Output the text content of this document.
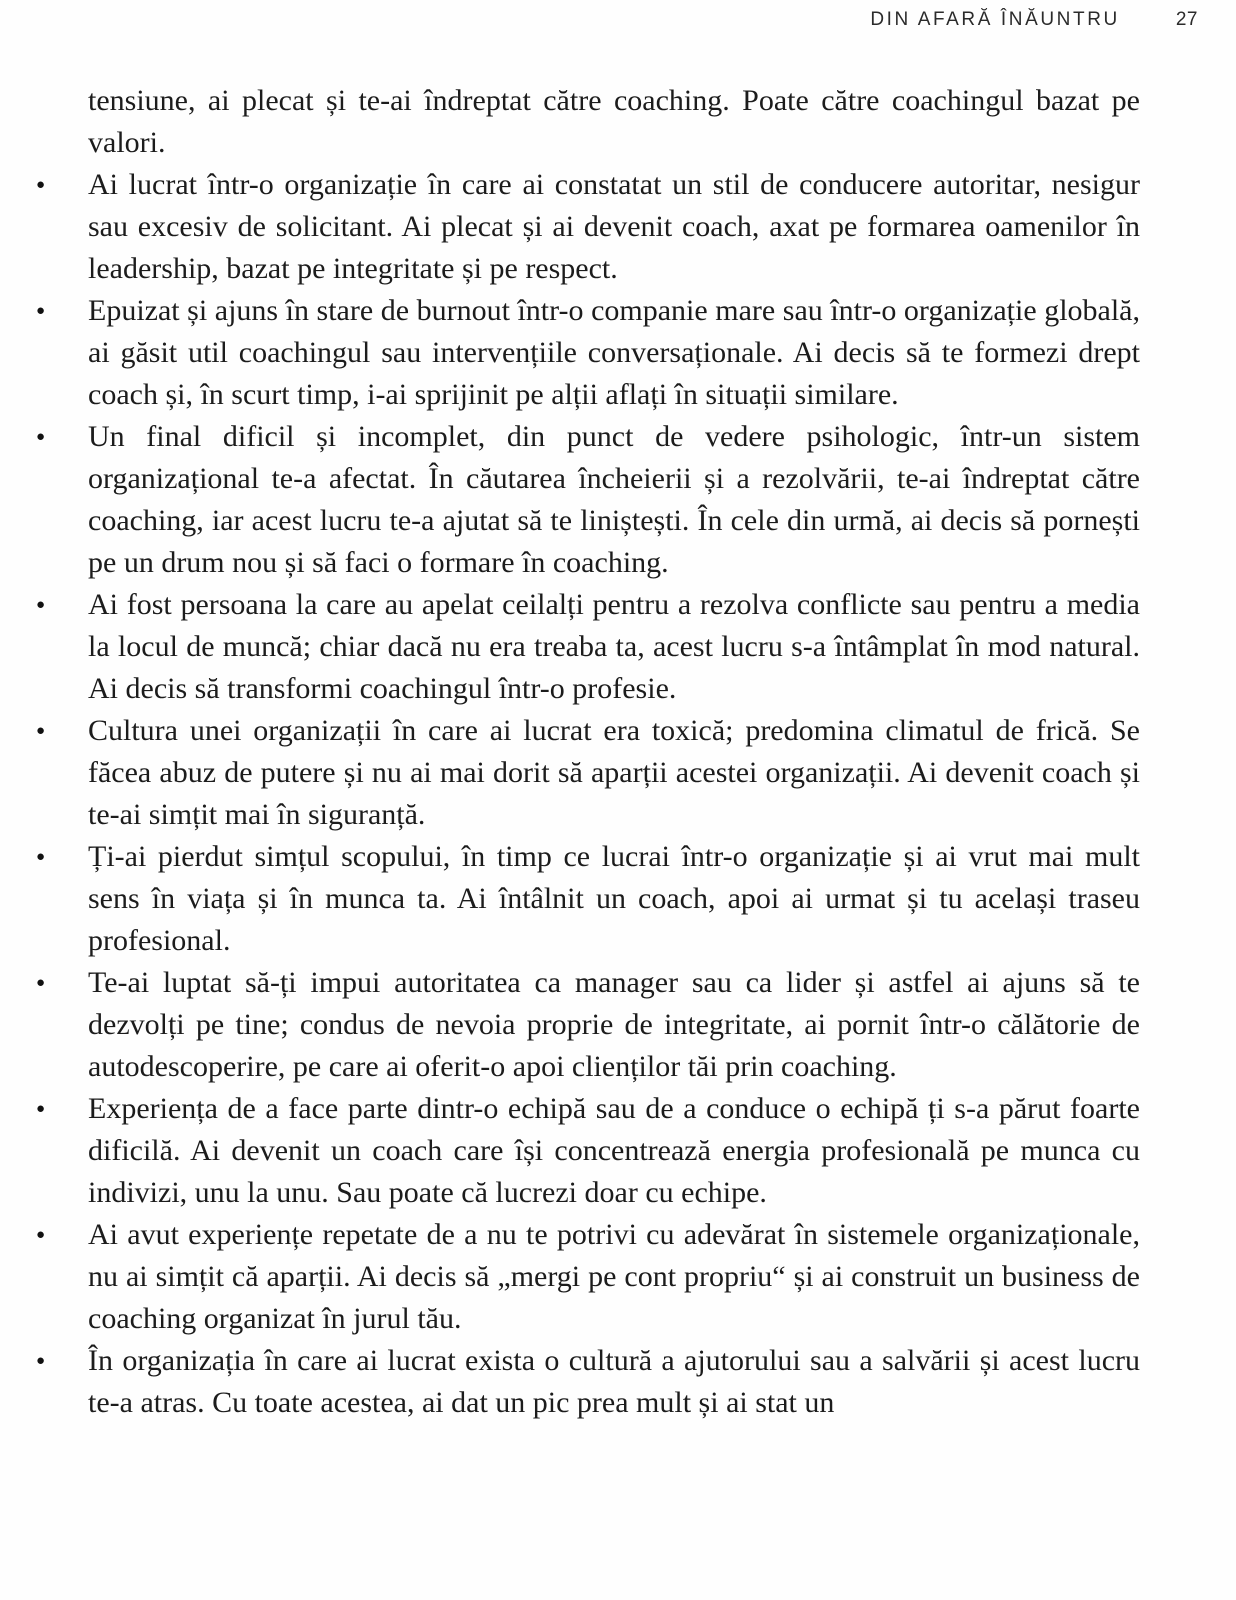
DIN AFARĂ ÎNĂUNTRU	27

tensiune, ai plecat și te-ai îndreptat către coaching. Poate către coachingul bazat pe valori.

● Ai lucrat într-o organizație în care ai constatat un stil de conducere autoritar, nesigur sau excesiv de solicitant. Ai plecat și ai devenit coach, axat pe formarea oamenilor în leadership, bazat pe integritate și pe respect.

● Epuizat și ajuns în stare de burnout într-o companie mare sau într-o organizație globală, ai găsit util coachingul sau intervențiile conversaționale. Ai decis să te formezi drept coach și, în scurt timp, i-ai sprijinit pe alții aflați în situații similare.

● Un final dificil și incomplet, din punct de vedere psihologic, într-un sistem organizațional te-a afectat. În căutarea încheierii și a rezolvării, te-ai îndreptat către coaching, iar acest lucru te-a ajutat să te liniștești. În cele din urmă, ai decis să pornești pe un drum nou și să faci o formare în coaching.

● Ai fost persoana la care au apelat ceilalți pentru a rezolva conflicte sau pentru a media la locul de muncă; chiar dacă nu era treaba ta, acest lucru s-a întâmplat în mod natural. Ai decis să transformi coachingul într-o profesie.

● Cultura unei organizații în care ai lucrat era toxică; predomina climatul de frică. Se făcea abuz de putere și nu ai mai dorit să aparții acestei organizații. Ai devenit coach și te-ai simțit mai în siguranță.

● Ți-ai pierdut simțul scopului, în timp ce lucrai într-o organizație și ai vrut mai mult sens în viața și în munca ta. Ai întâlnit un coach, apoi ai urmat și tu același traseu profesional.

● Te-ai luptat să-ți impui autoritatea ca manager sau ca lider și astfel ai ajuns să te dezvolți pe tine; condus de nevoia proprie de integritate, ai pornit într-o călătorie de autodescoperire, pe care ai oferit-o apoi clienților tăi prin coaching.

● Experiența de a face parte dintr-o echipă sau de a conduce o echipă ți s-a părut foarte dificilă. Ai devenit un coach care își concentrează energia profesională pe munca cu indivizi, unu la unu. Sau poate că lucrezi doar cu echipe.

● Ai avut experiențe repetate de a nu te potrivi cu adevărat în sistemele organizaționale, nu ai simțit că aparții. Ai decis să „mergi pe cont propriu“ și ai construit un business de coaching organizat în jurul tău.

● În organizația în care ai lucrat exista o cultură a ajutorului sau a salvării și acest lucru te-a atras. Cu toate acestea, ai dat un pic prea mult și ai stat un
